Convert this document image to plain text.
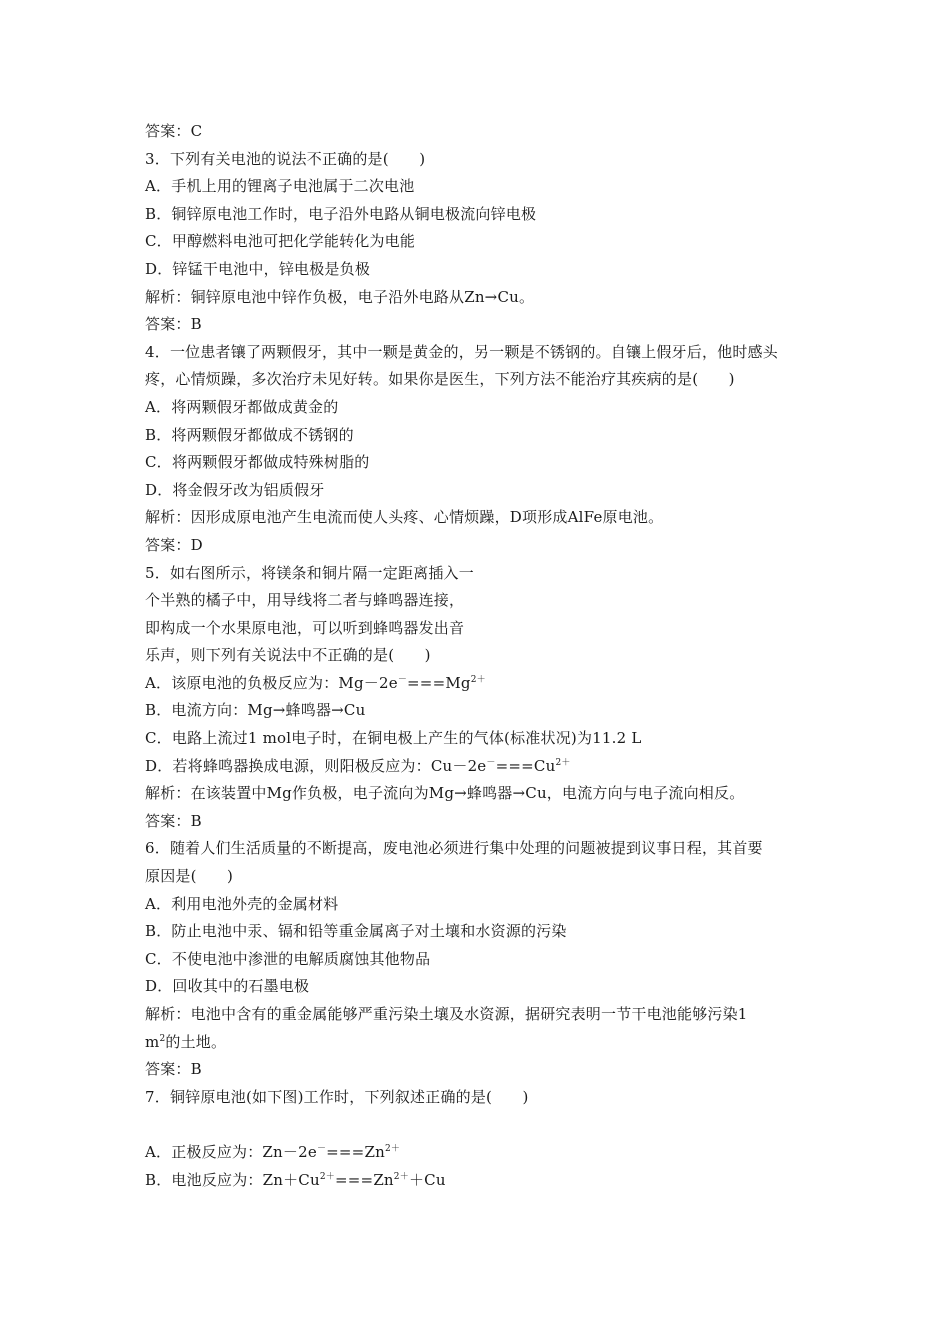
答案：C
3．下列有关电池的说法不正确的是(　　)
A．手机上用的锂离子电池属于二次电池
B．铜锌原电池工作时，电子沿外电路从铜电极流向锌电极
C．甲醇燃料电池可把化学能转化为电能
D．锌锰干电池中，锌电极是负极
解析：铜锌原电池中锌作负极，电子沿外电路从Zn→Cu。
答案：B
4．一位患者镶了两颗假牙，其中一颗是黄金的，另一颗是不锈钢的。自镶上假牙后，他时感头
疼，心情烦躁，多次治疗未见好转。如果你是医生，下列方法不能治疗其疾病的是(　　)
A．将两颗假牙都做成黄金的
B．将两颗假牙都做成不锈钢的
C．将两颗假牙都做成特殊树脂的
D．将金假牙改为铝质假牙
解析：因形成原电池产生电流而使人头疼、心情烦躁，D项形成AlFe原电池。
答案：D
5．如右图所示，将镁条和铜片隔一定距离插入一
个半熟的橘子中，用导线将二者与蜂鸣器连接，
即构成一个水果原电池，可以听到蜂鸣器发出音
乐声，则下列有关说法中不正确的是(　　)
A．该原电池的负极反应为：$Mg-2e^-===Mg^{2+}$
B．电流方向：Mg→蜂鸣器→Cu
C．电路上流过1 mol电子时，在铜电极上产生的气体(标准状况)为11.2 L
D．若将蜂鸣器换成电源，则阳极反应为：$Cu-2e^-===Cu^{2+}$
解析：在该装置中Mg作负极，电子流向为Mg→蜂鸣器→Cu，电流方向与电子流向相反。
答案：B
6．随着人们生活质量的不断提高，废电池必须进行集中处理的问题被提到议事日程，其首要
原因是(　　)
A．利用电池外壳的金属材料
B．防止电池中汞、镉和铅等重金属离子对土壤和水资源的污染
C．不使电池中渗泄的电解质腐蚀其他物品
D．回收其中的石墨电极
解析：电池中含有的重金属能够严重污染土壤及水资源，据研究表明一节干电池能够污染1
$m^2$的土地。
答案：B
7．铜锌原电池(如下图)工作时，下列叙述正确的是(　　)
A．正极反应为：$Zn-2e^-===Zn^{2+}$
B．电池反应为：$Zn+Cu^{2+}===Zn^{2+}+Cu$
